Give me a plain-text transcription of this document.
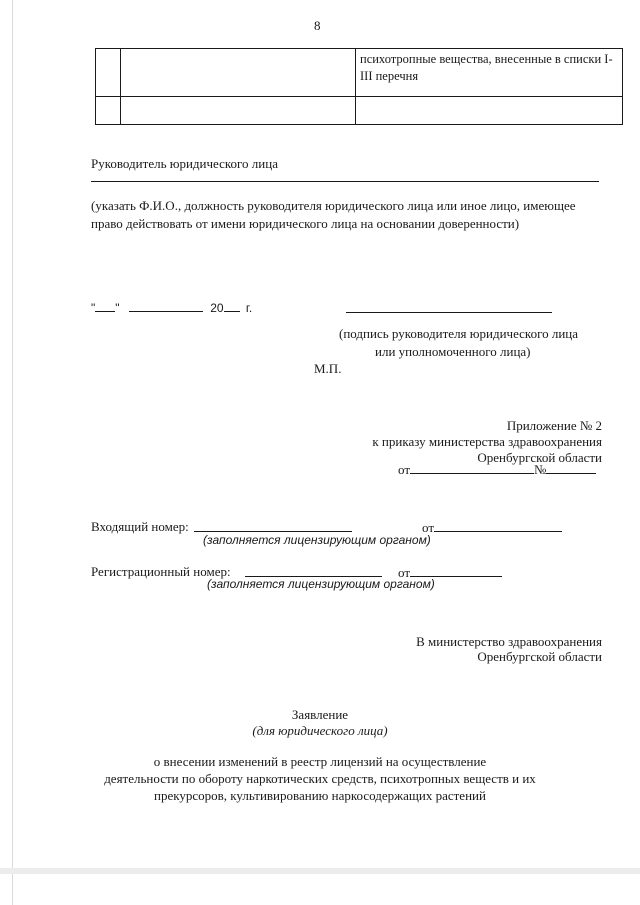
8
		психотропные вещества, внесенные в списки I-III перечня

Руководитель юридического лица
(указать Ф.И.О., должность руководителя юридического лица или иное лицо, имеющее
право действовать от имени юридического лица на основании доверенности)
" "	20 г.
(подпись руководителя юридического лица
или уполномоченного лица)
М.П.
Приложение № 2
к приказу министерства здравоохранения
Оренбургской области
от	№
Входящий номер:	от
(заполняется лицензирующим органом)
Регистрационный номер:	от
(заполняется лицензирующим органом)
В министерство здравоохранения
Оренбургской области
Заявление
(для юридического лица)
о внесении изменений в реестр лицензий на осуществление
деятельности по обороту наркотических средств, психотропных веществ и их
прекурсоров, культивированию наркосодержащих растений
